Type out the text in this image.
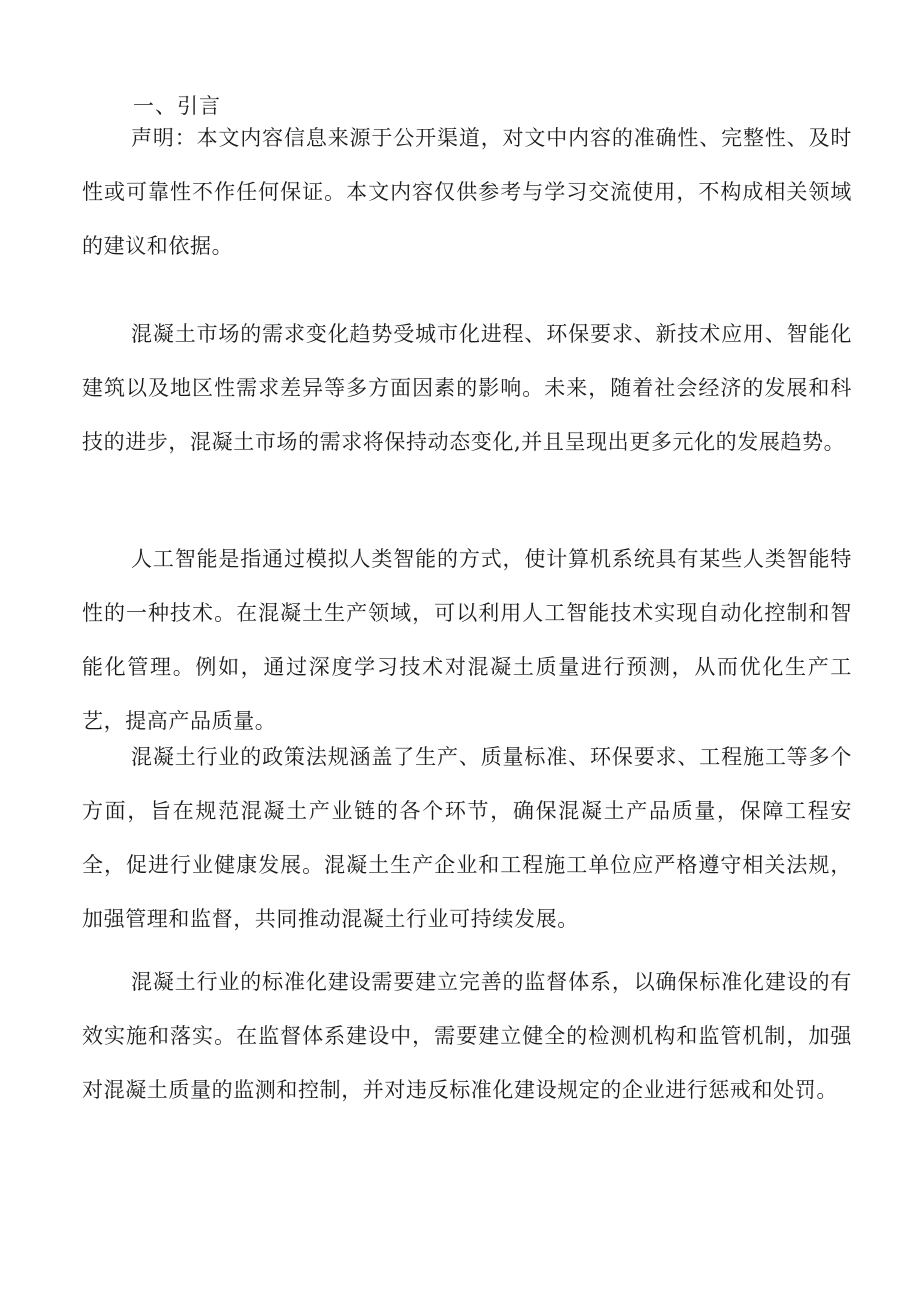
一、引言

声明：本文内容信息来源于公开渠道，对文中内容的准确性、完整性、及时性或可靠性不作任何保证。本文内容仅供参考与学习交流使用，不构成相关领域的建议和依据。

混凝土市场的需求变化趋势受城市化进程、环保要求、新技术应用、智能化建筑以及地区性需求差异等多方面因素的影响。未来，随着社会经济的发展和科技的进步，混凝土市场的需求将保持动态变化,并且呈现出更多元化的发展趋势。

人工智能是指通过模拟人类智能的方式，使计算机系统具有某些人类智能特性的一种技术。在混凝土生产领域，可以利用人工智能技术实现自动化控制和智能化管理。例如，通过深度学习技术对混凝土质量进行预测，从而优化生产工艺，提高产品质量。

混凝土行业的政策法规涵盖了生产、质量标准、环保要求、工程施工等多个方面，旨在规范混凝土产业链的各个环节，确保混凝土产品质量，保障工程安全，促进行业健康发展。混凝土生产企业和工程施工单位应严格遵守相关法规，加强管理和监督，共同推动混凝土行业可持续发展。

混凝土行业的标准化建设需要建立完善的监督体系，以确保标准化建设的有效实施和落实。在监督体系建设中，需要建立健全的检测机构和监管机制，加强对混凝土质量的监测和控制，并对违反标准化建设规定的企业进行惩戒和处罚。
